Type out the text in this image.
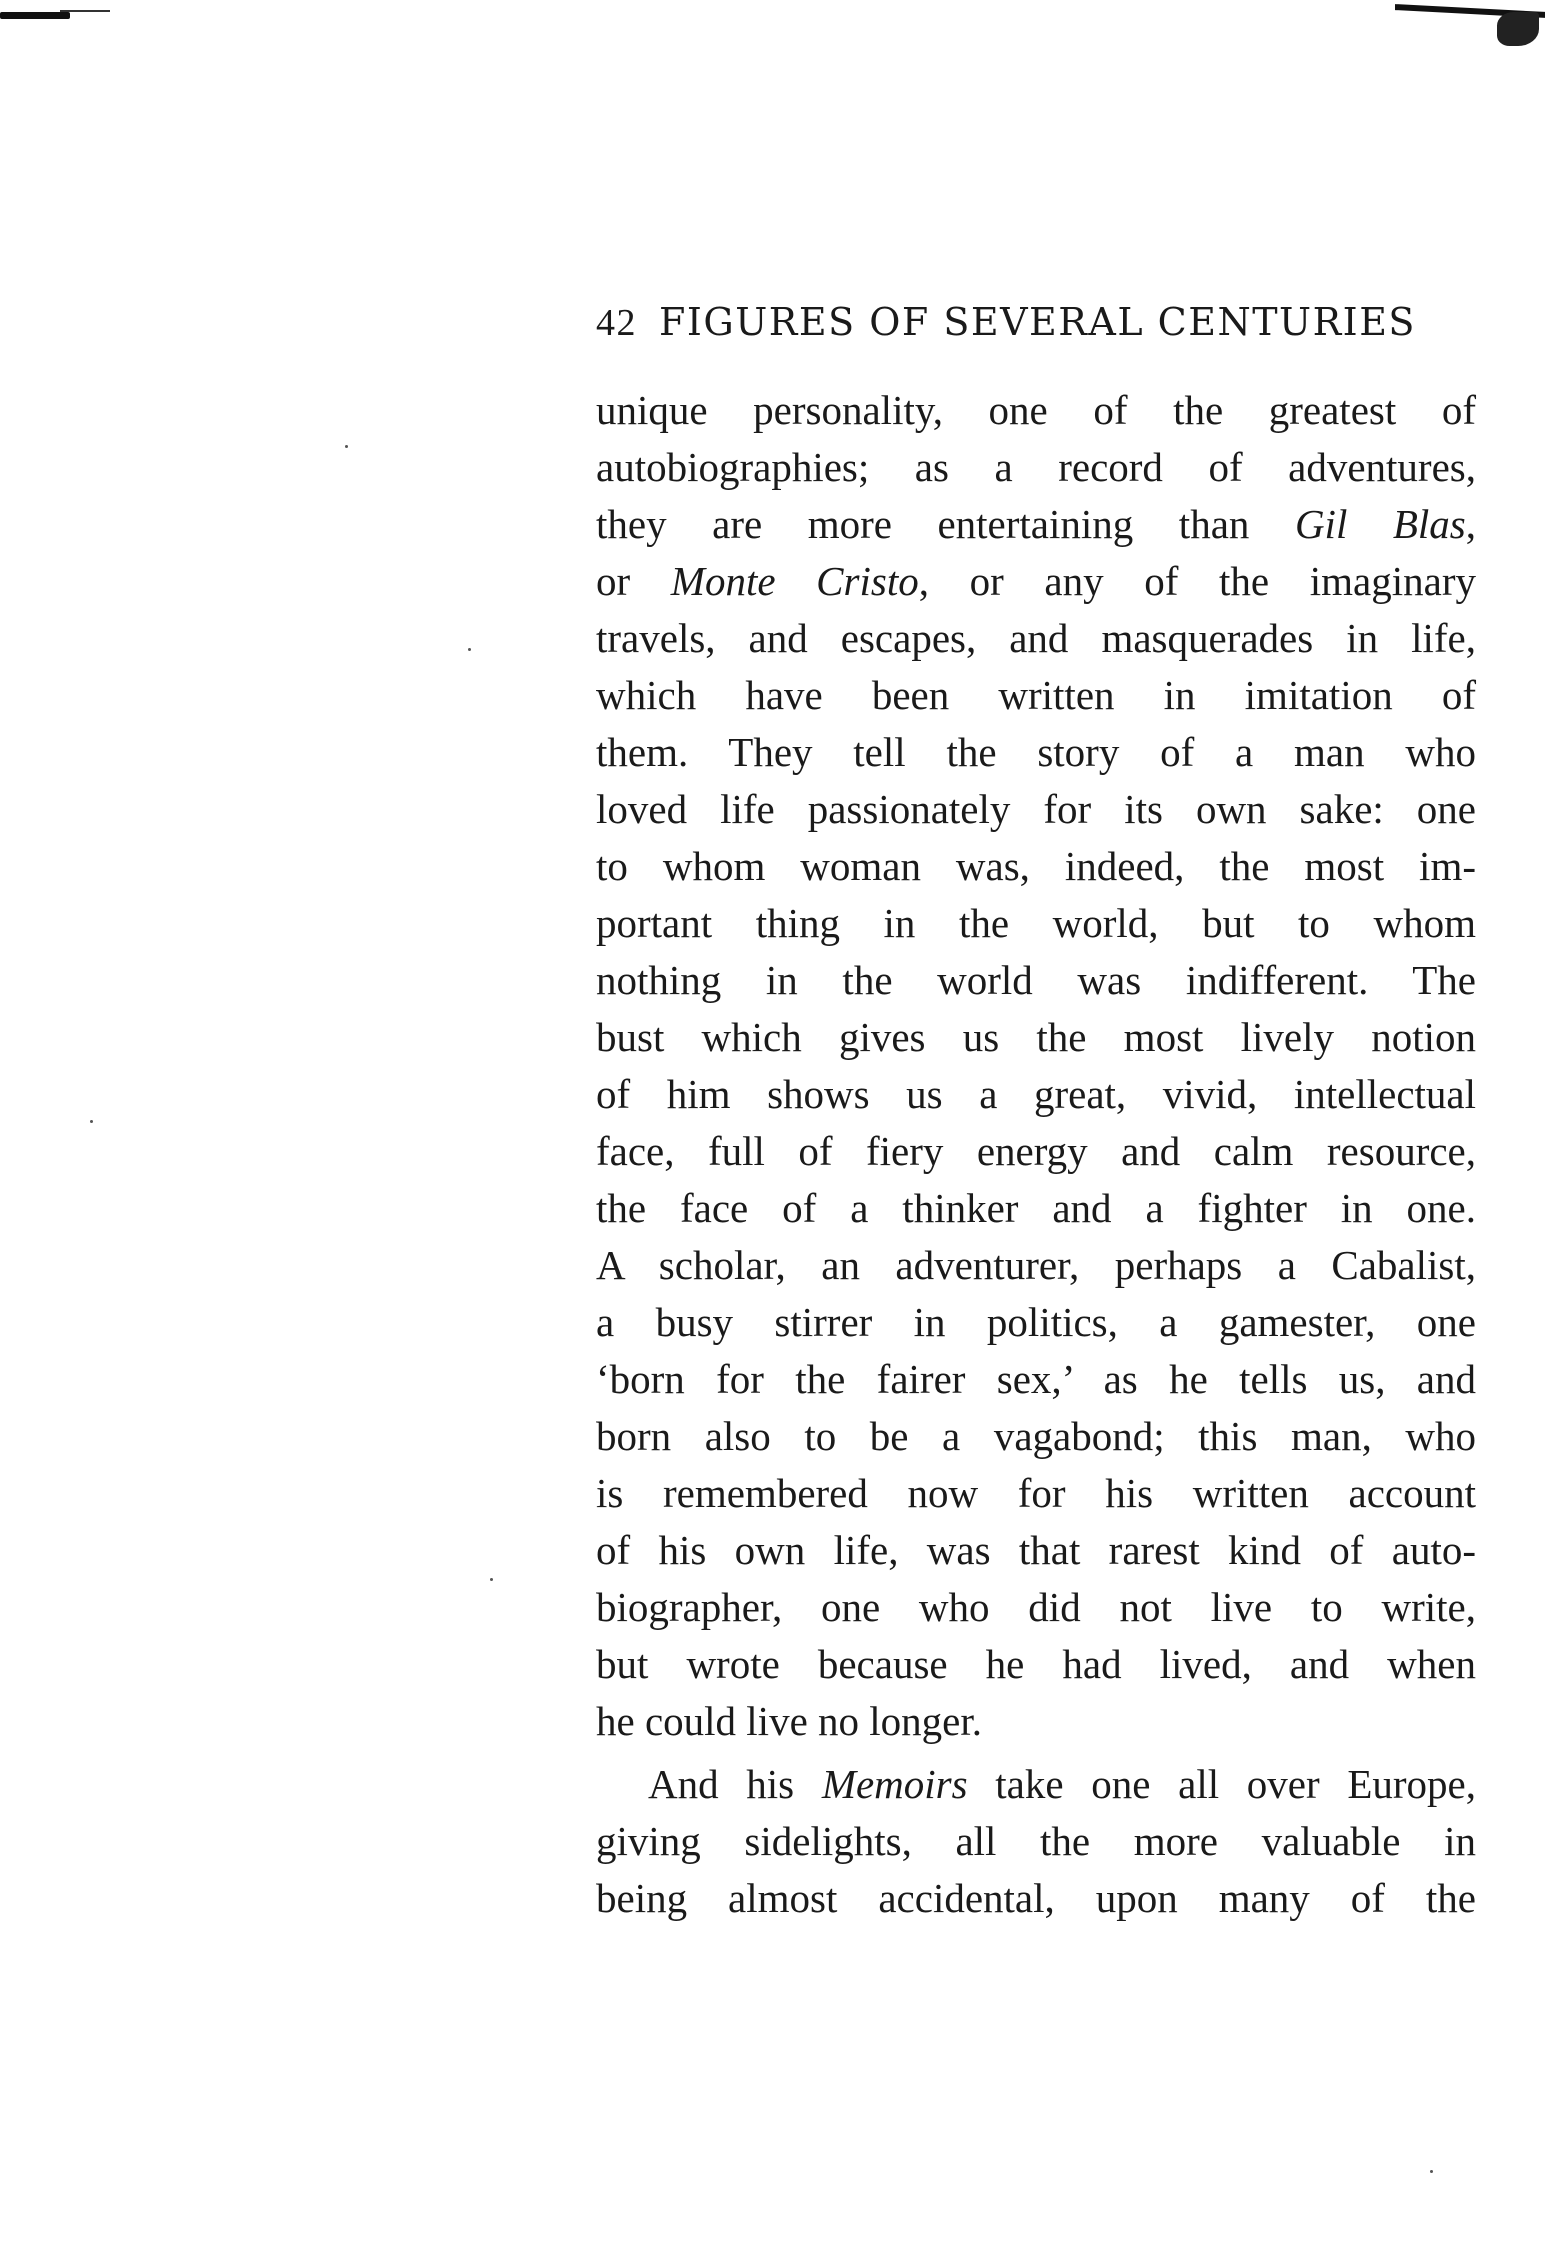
42 FIGURES OF SEVERAL CENTURIES
unique personality, one of the greatest of
autobiographies; as a record of adventures,
they are more entertaining than Gil Blas,
or Monte Cristo, or any of the imaginary
travels, and escapes, and masquerades in life,
which have been written in imitation of
them. They tell the story of a man who
loved life passionately for its own sake: one
to whom woman was, indeed, the most im-
portant thing in the world, but to whom
nothing in the world was indifferent. The
bust which gives us the most lively notion
of him shows us a great, vivid, intellectual
face, full of fiery energy and calm resource,
the face of a thinker and a fighter in one.
A scholar, an adventurer, perhaps a Cabalist,
a busy stirrer in politics, a gamester, one
‘born for the fairer sex,’ as he tells us, and
born also to be a vagabond; this man, who
is remembered now for his written account
of his own life, was that rarest kind of auto-
biographer, one who did not live to write,
but wrote because he had lived, and when
he could live no longer.
And his Memoirs take one all over Europe,
giving sidelights, all the more valuable in
being almost accidental, upon many of the
